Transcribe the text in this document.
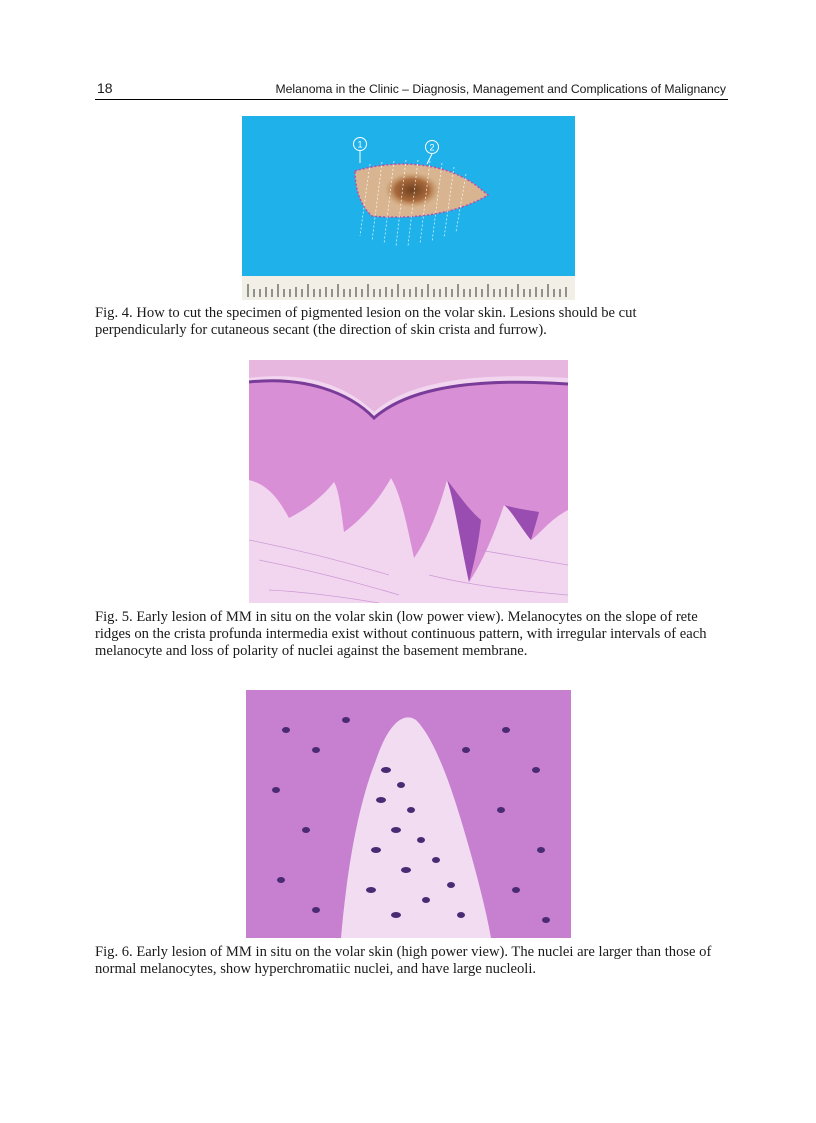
18	Melanoma in the Clinic – Diagnosis, Management and Complications of Malignancy
1	2

Fig. 4. How to cut the specimen of pigmented lesion on the volar skin. Lesions should be cut perpendicularly for cutaneous secant (the direction of skin crista and furrow).

Fig. 5. Early lesion of MM in situ on the volar skin (low power view). Melanocytes on the slope of rete ridges on the crista profunda intermedia exist without continuous pattern, with irregular intervals of each melanocyte and loss of polarity of nuclei against the basement membrane.

Fig. 6. Early lesion of MM in situ on the volar skin (high power view). The nuclei are larger than those of normal melanocytes, show hyperchromatiic nuclei, and have large nucleoli.
